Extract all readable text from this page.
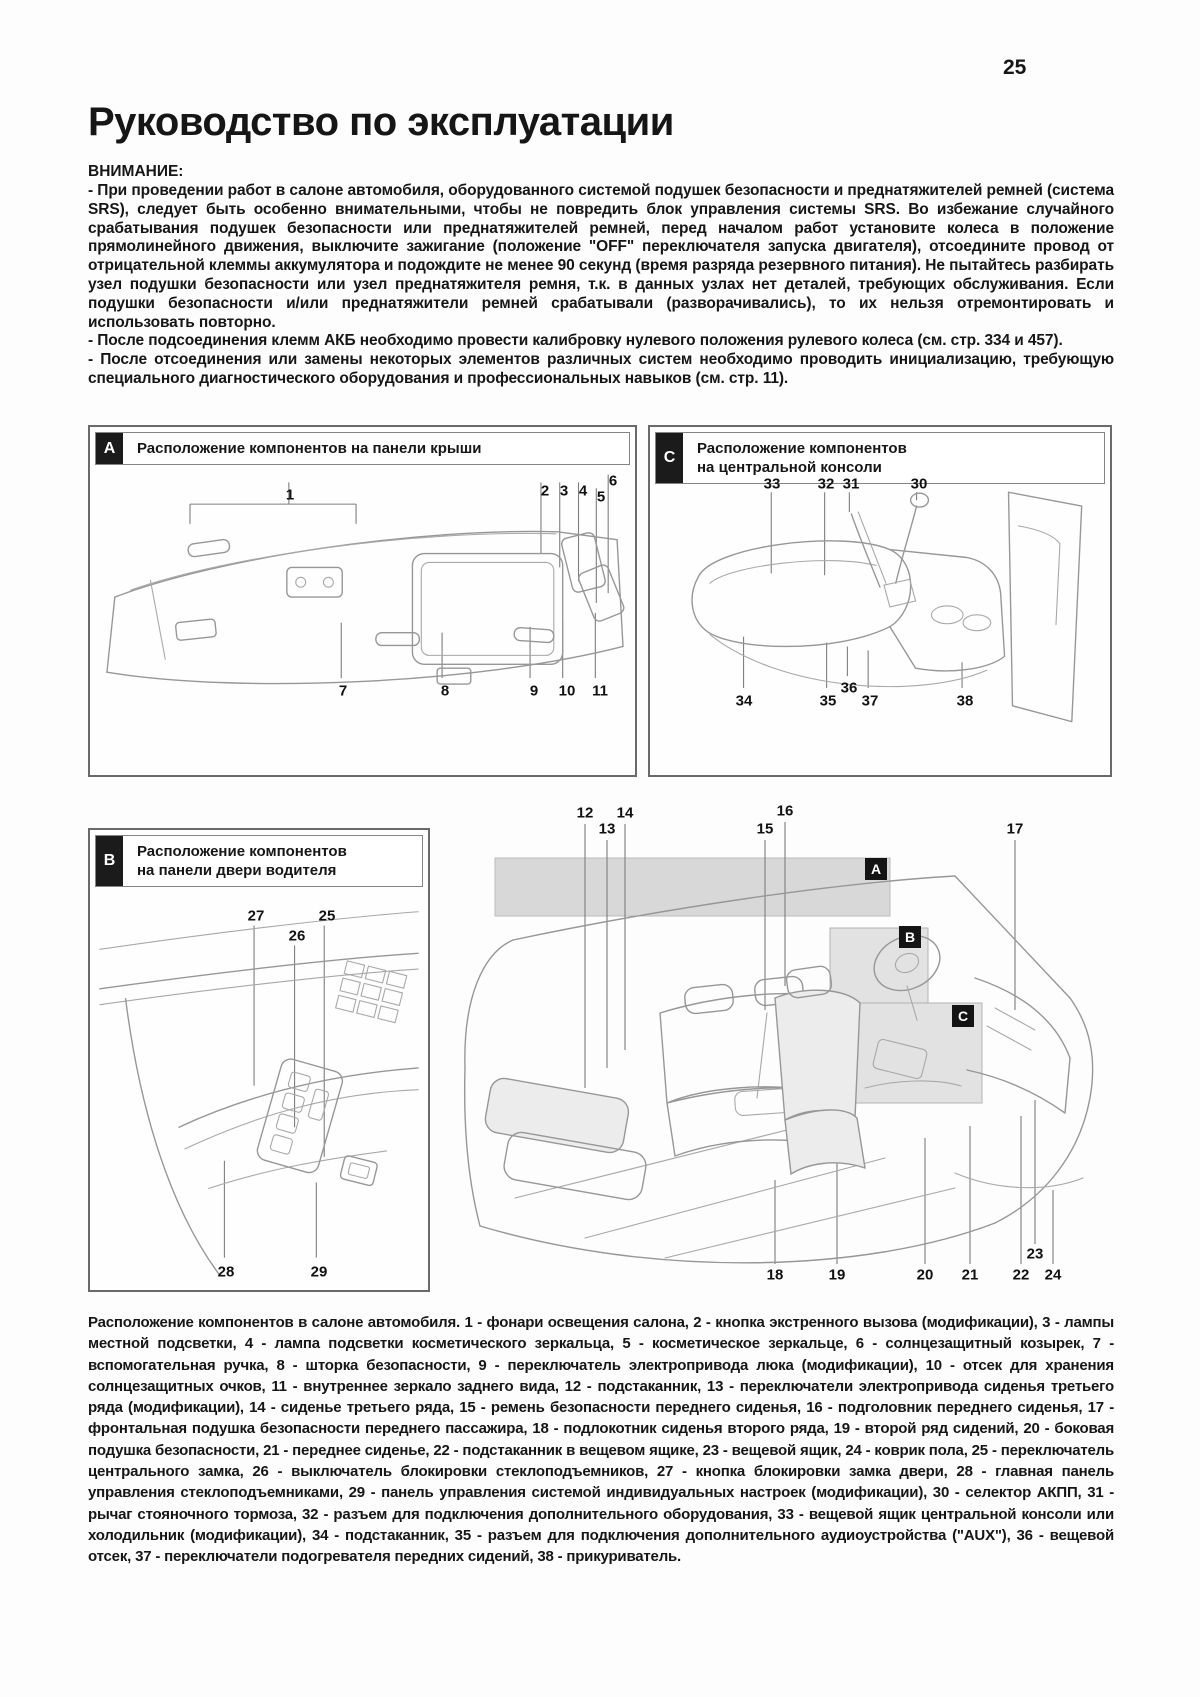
25
Руководство по эксплуатации
ВНИМАНИЕ:

- При проведении работ в салоне автомобиля, оборудованного системой подушек безопасности и преднатяжителей ремней (система SRS), следует быть особенно внимательными, чтобы не повредить блок управления системы SRS. Во избежание случайного срабатывания подушек безопасности или преднатяжителей ремней, перед началом работ установите колеса в положение прямолинейного движения, выключите зажигание (положение "OFF" переключателя запуска двигателя), отсоедините провод от отрицательной клеммы аккумулятора и подождите не менее 90 секунд (время разряда резервного питания). Не пытайтесь разбирать узел подушки безопасности или узел преднатяжителя ремня, т.к. в данных узлах нет деталей, требующих обслуживания. Если подушки безопасности и/или преднатяжители ремней срабатывали (разворачивались), то их нельзя отремонтировать и использовать повторно.

- После подсоединения клемм АКБ необходимо провести калибровку нулевого положения рулевого колеса (см. стр. 334 и 457).

- После отсоединения или замены некоторых элементов различных систем необходимо проводить инициализацию, требующую специального диагностического оборудования и профессиональных навыков (см. стр. 11).

А	Расположение компонентов на панели крыши
1	2 3 4
6
5
7	8	9 10 11
С
Расположение компонентов
на центральной консоли
33 32 31	30
34	35
36
37	38
В
Расположение компонентов
на панели двери водителя
27
26
25
28	29
12
13
14
15
16
17
18	19	20 21 22
23
24
A
B
C

Расположение компонентов в салоне автомобиля. 1 - фонари освещения салона, 2 - кнопка экстренного вызова (модификации), 3 - лампы местной подсветки, 4 - лампа подсветки косметического зеркальца, 5 - косметическое зеркальце, 6 - солнцезащитный козырек, 7 - вспомогательная ручка, 8 - шторка безопасности, 9 - переключатель электропривода люка (модификации), 10 - отсек для хранения солнцезащитных очков, 11 - внутреннее зеркало заднего вида, 12 - подстаканник, 13 - переключатели электропривода сиденья третьего ряда (модификации), 14 - сиденье третьего ряда, 15 - ремень безопасности переднего сиденья, 16 - подголовник переднего сиденья, 17 - фронтальная подушка безопасности переднего пассажира, 18 - подлокотник сиденья второго ряда, 19 - второй ряд сидений, 20 - боковая подушка безопасности, 21 - переднее сиденье, 22 - подстаканник в вещевом ящике, 23 - вещевой ящик, 24 - коврик пола, 25 - переключатель центрального замка, 26 - выключатель блокировки стеклоподъемников, 27 - кнопка блокировки замка двери, 28 - главная панель управления стеклоподъемниками, 29 - панель управления системой индивидуальных настроек (модификации), 30 - селектор АКПП, 31 - рычаг стояночного тормоза, 32 - разъем для подключения дополнительного оборудования, 33 - вещевой ящик центральной консоли или холодильник (модификации), 34 - подстаканник, 35 - разъем для подключения дополнительного аудиоустройства ("AUX"), 36 - вещевой отсек, 37 - переключатели подогревателя передних сидений, 38 - прикуриватель.
